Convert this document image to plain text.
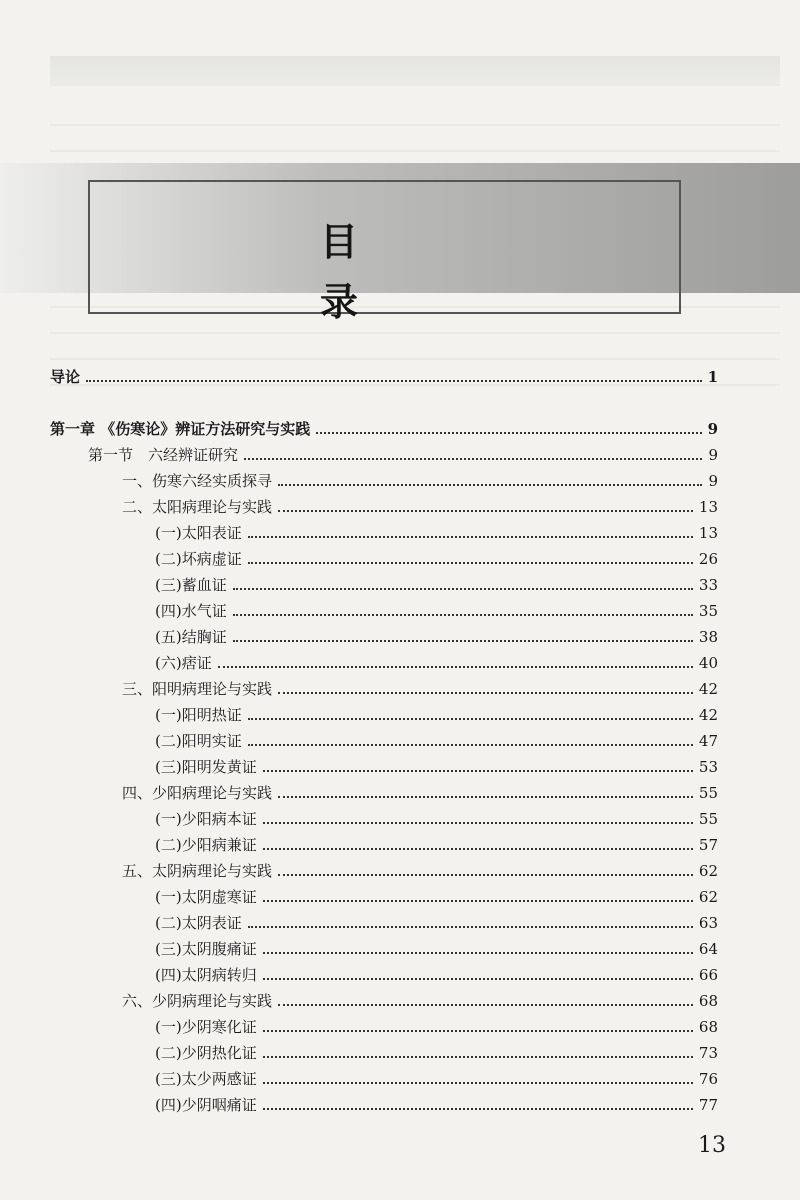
目录
导论	1
第一章 《伤寒论》辨证方法研究与实践	9
第一节　六经辨证研究	9
一、伤寒六经实质探寻	9
二、太阳病理论与实践	13
(一)太阳表证	13
(二)坏病虚证	26
(三)蓄血证	33
(四)水气证	35
(五)结胸证	38
(六)痞证	40
三、阳明病理论与实践	42
(一)阳明热证	42
(二)阳明实证	47
(三)阳明发黄证	53
四、少阳病理论与实践	55
(一)少阳病本证	55
(二)少阳病兼证	57
五、太阴病理论与实践	62
(一)太阴虚寒证	62
(二)太阴表证	63
(三)太阴腹痛证	64
(四)太阴病转归	66
六、少阴病理论与实践	68
(一)少阴寒化证	68
(二)少阴热化证	73
(三)太少两感证	76
(四)少阴咽痛证	77
13
